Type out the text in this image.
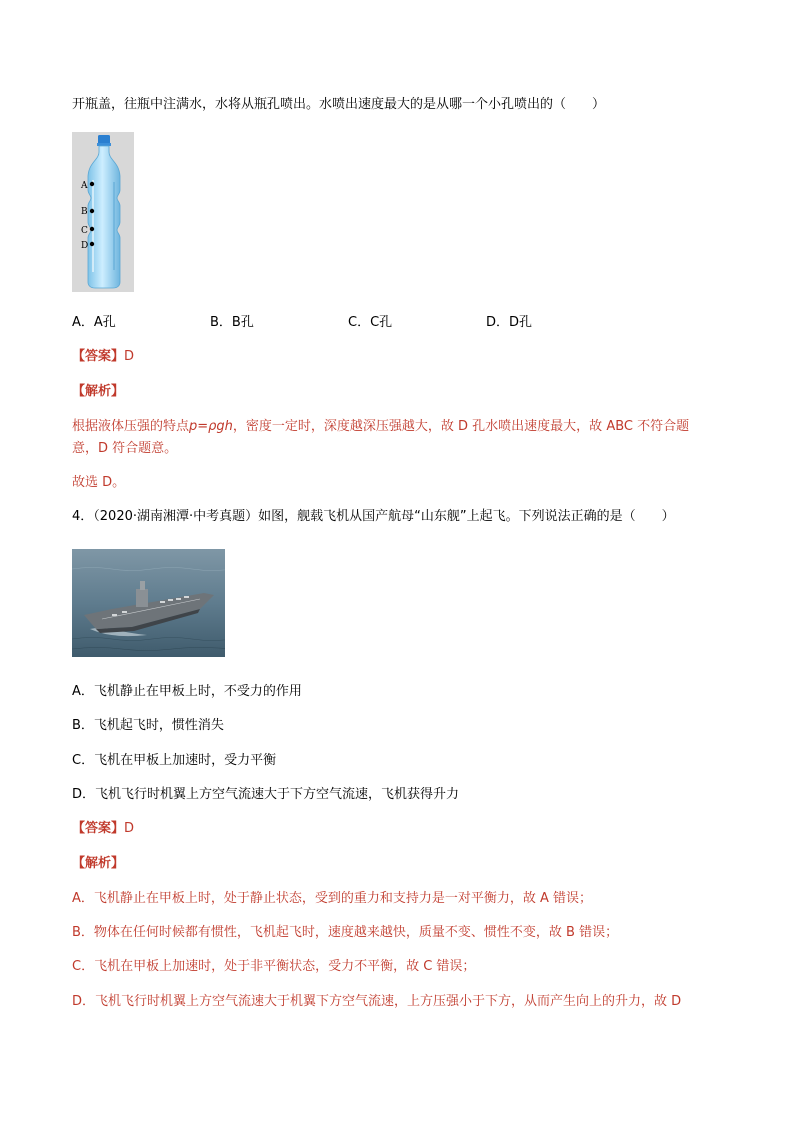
开瓶盖，往瓶中注满水，水将从瓶孔喷出。水喷出速度最大的是从哪一个小孔喷出的（　　）
A
B
C
D
A．A孔	B．B孔	C．C孔	D．D孔
【答案】D
【解析】
根据液体压强的特点p=ρgh，密度一定时，深度越深压强越大，故 D 孔水喷出速度最大，故 ABC 不符合题
意，D 符合题意。
故选 D。
4．（2020·湖南湘潭·中考真题）如图，舰载飞机从国产航母“山东舰”上起飞。下列说法正确的是（　　）
A．飞机静止在甲板上时，不受力的作用
B．飞机起飞时，惯性消失
C．飞机在甲板上加速时，受力平衡
D．飞机飞行时机翼上方空气流速大于下方空气流速，飞机获得升力
【答案】D
【解析】
A．飞机静止在甲板上时，处于静止状态，受到的重力和支持力是一对平衡力，故 A 错误；
B．物体在任何时候都有惯性，飞机起飞时，速度越来越快，质量不变、惯性不变，故 B 错误；
C．飞机在甲板上加速时，处于非平衡状态，受力不平衡，故 C 错误；
D．飞机飞行时机翼上方空气流速大于机翼下方空气流速，上方压强小于下方，从而产生向上的升力，故 D
